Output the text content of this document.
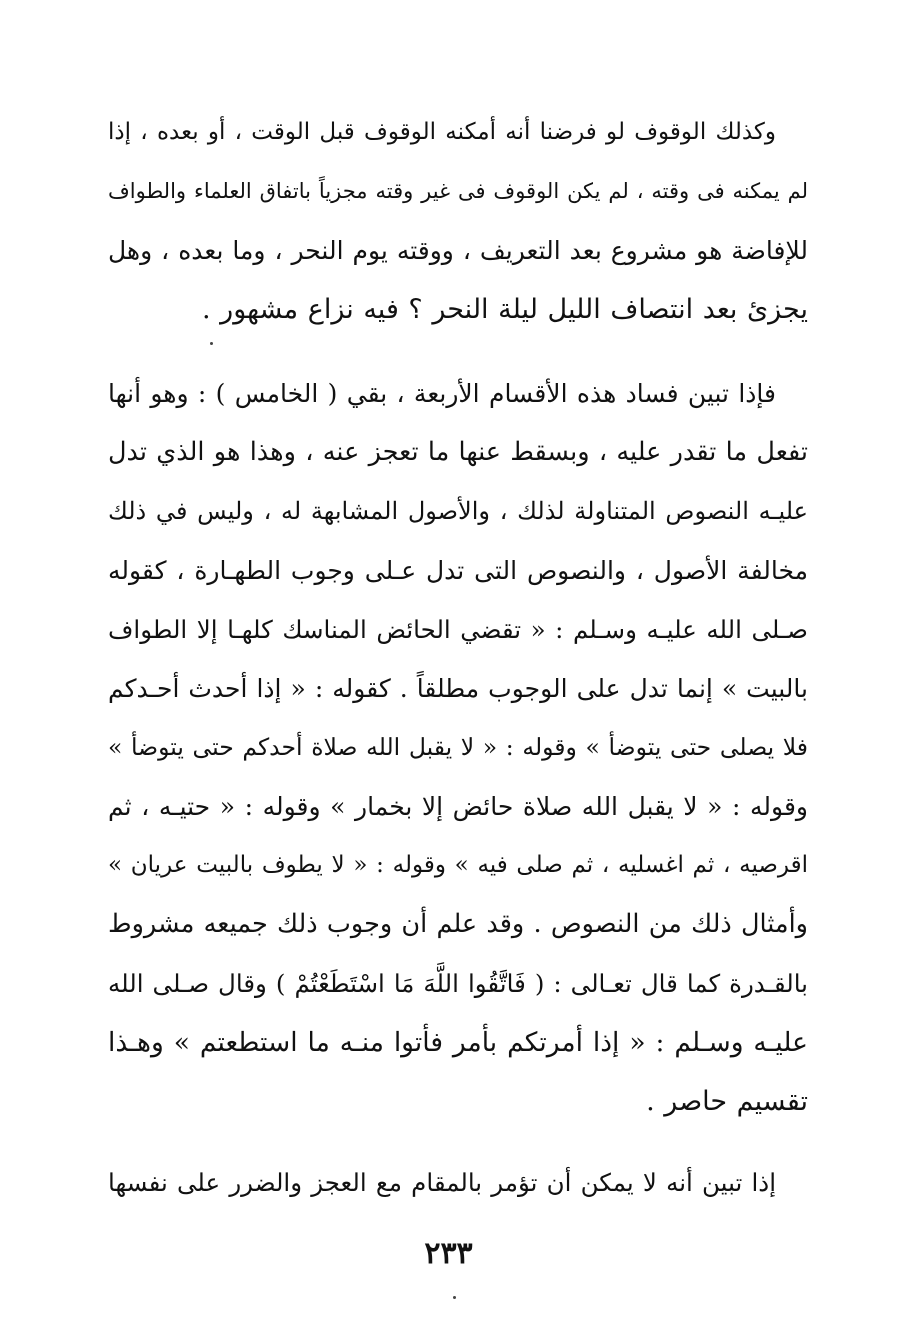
وكذلك الوقوف لو فرضنا أنه أمكنه الوقوف قبل الوقت ، أو بعده ، إذا
لم يمكنه فى وقته ، لم يكن الوقوف فى غير وقته مجزياً باتفاق العلماء والطواف
للإفاضة هو مشروع بعد التعريف ، ووقته يوم النحر ، وما بعده ، وهل
يجزئ بعد انتصاف الليل ليلة النحر ؟ فيه نزاع مشهور .
فإذا تبين فساد هذه الأقسام الأربعة ، بقي ( الخامس ) : وهو أنها
تفعل ما تقدر عليه ، وبسقط عنها ما تعجز عنه ، وهذا هو الذي تدل
عليـه النصوص المتناولة لذلك ، والأصول المشابهة له ، وليس في ذلك
مخالفة الأصول ، والنصوص التى تدل عـلى وجوب الطهـارة ، كقوله
صـلى الله عليـه وسـلم : « تقضي الحائض المناسك كلهـا إلا الطواف
بالبيت » إنما تدل على الوجوب مطلقاً . كقوله : « إذا أحدث أحـدكم
فلا يصلى حتى يتوضأ » وقوله : « لا يقبل الله صلاة أحدكم حتى يتوضأ »
وقوله : « لا يقبل الله صلاة حائض إلا بخمار » وقوله : « حتيـه ، ثم
اقرصيه ، ثم اغسليه ، ثم صلى فيه » وقوله : « لا يطوف بالبيت عريان »
وأمثال ذلك من النصوص . وقد علم أن وجوب ذلك جميعه مشروط
بالقـدرة كما قال تعـالى : ( فَاتَّقُوا اللَّهَ مَا اسْتَطَعْتُمْ ) وقال صـلى الله
عليـه وسـلم : « إذا أمرتكم بأمر فأتوا منـه ما استطعتم » وهـذا
تقسيم حاصر .
إذا تبين أنه لا يمكن أن تؤمر بالمقام مع العجز والضرر على نفسها
٢٣٣
